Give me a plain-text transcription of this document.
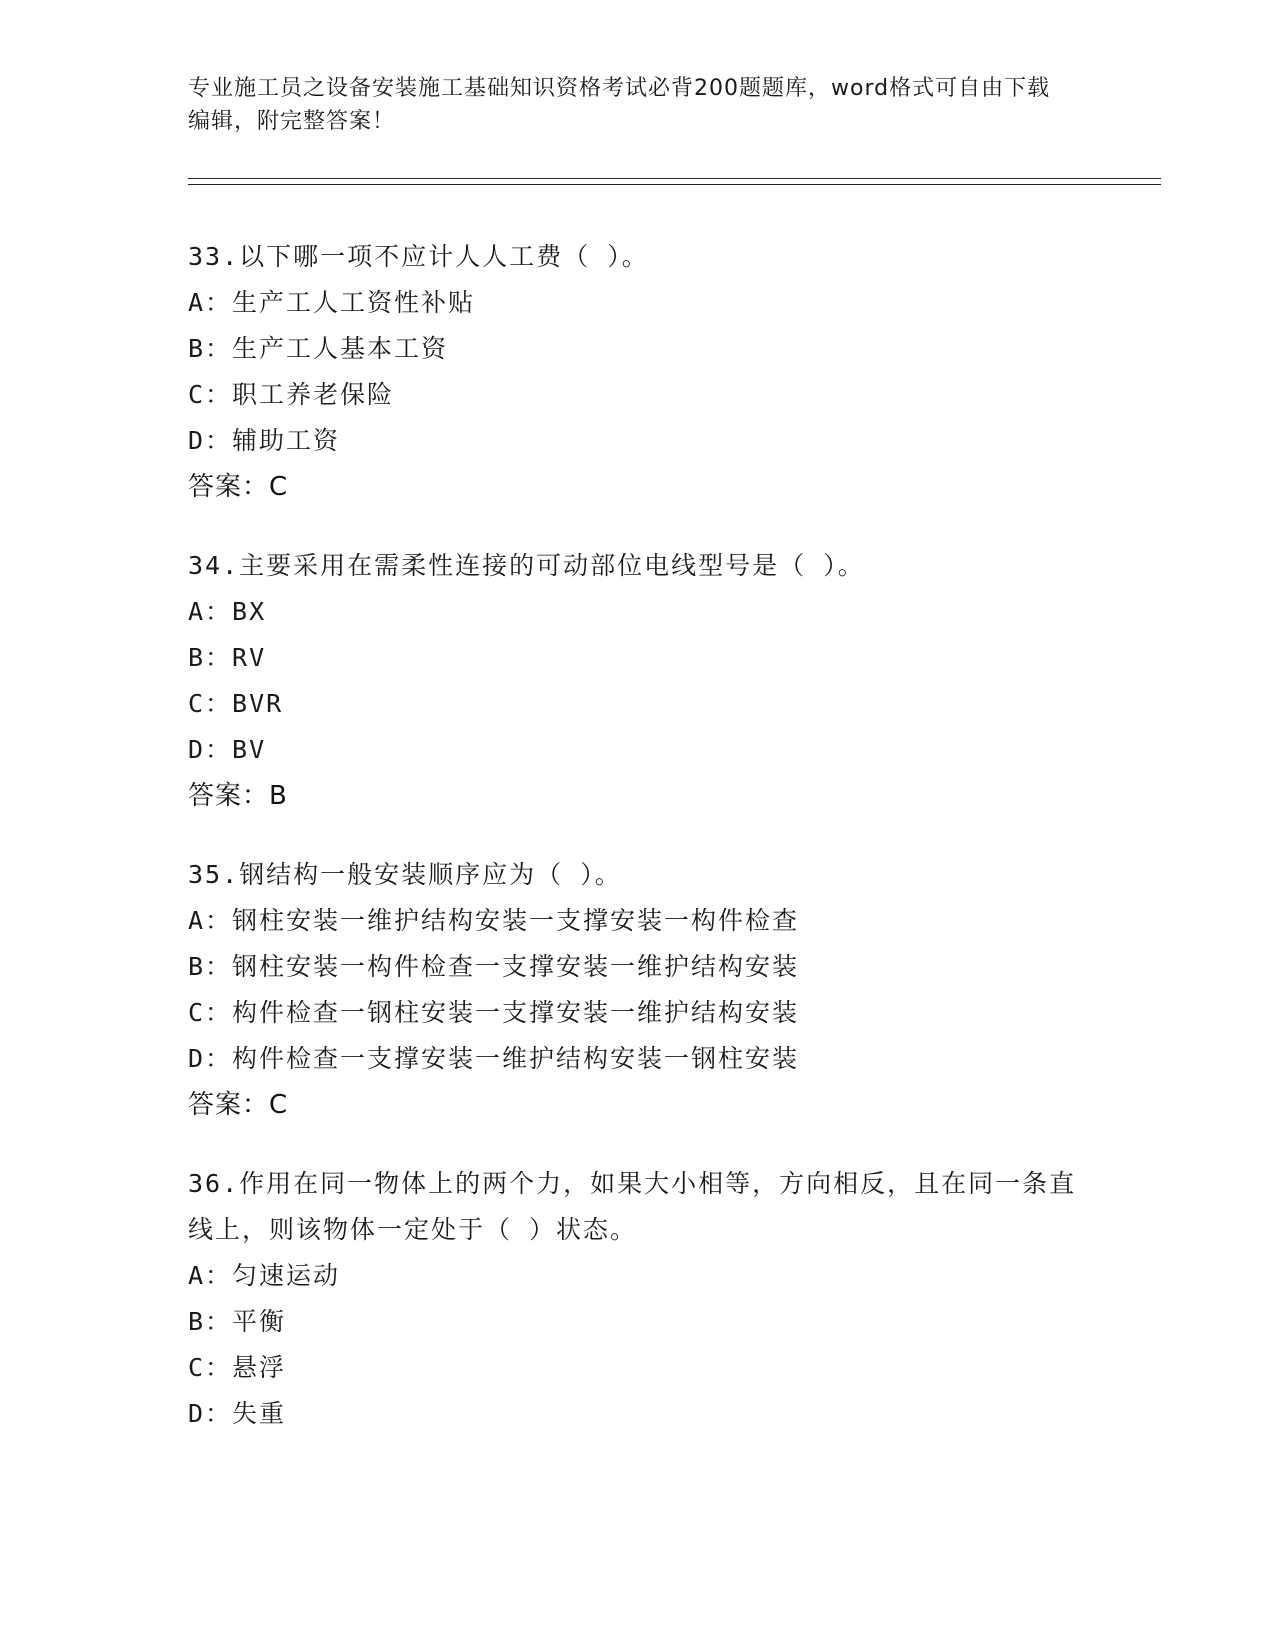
专业施工员之设备安装施工基础知识资格考试必背200题题库，word格式可自由下载编辑，附完整答案！
33.以下哪一项不应计人人工费（ ）。
A：生产工人工资性补贴
B：生产工人基本工资
C：职工养老保险
D：辅助工资
答案：C
34.主要采用在需柔性连接的可动部位电线型号是（ ）。
A：BX
B：RV
C：BVR
D：BV
答案：B
35.钢结构一般安装顺序应为（ ）。
A：钢柱安装一维护结构安装一支撑安装一构件检查
B：钢柱安装一构件检查一支撑安装一维护结构安装
C：构件检查一钢柱安装一支撑安装一维护结构安装
D：构件检查一支撑安装一维护结构安装一钢柱安装
答案：C
36.作用在同一物体上的两个力，如果大小相等，方向相反，且在同一条直线上，则该物体一定处于（ ）状态。
A：匀速运动
B：平衡
C：悬浮
D：失重
